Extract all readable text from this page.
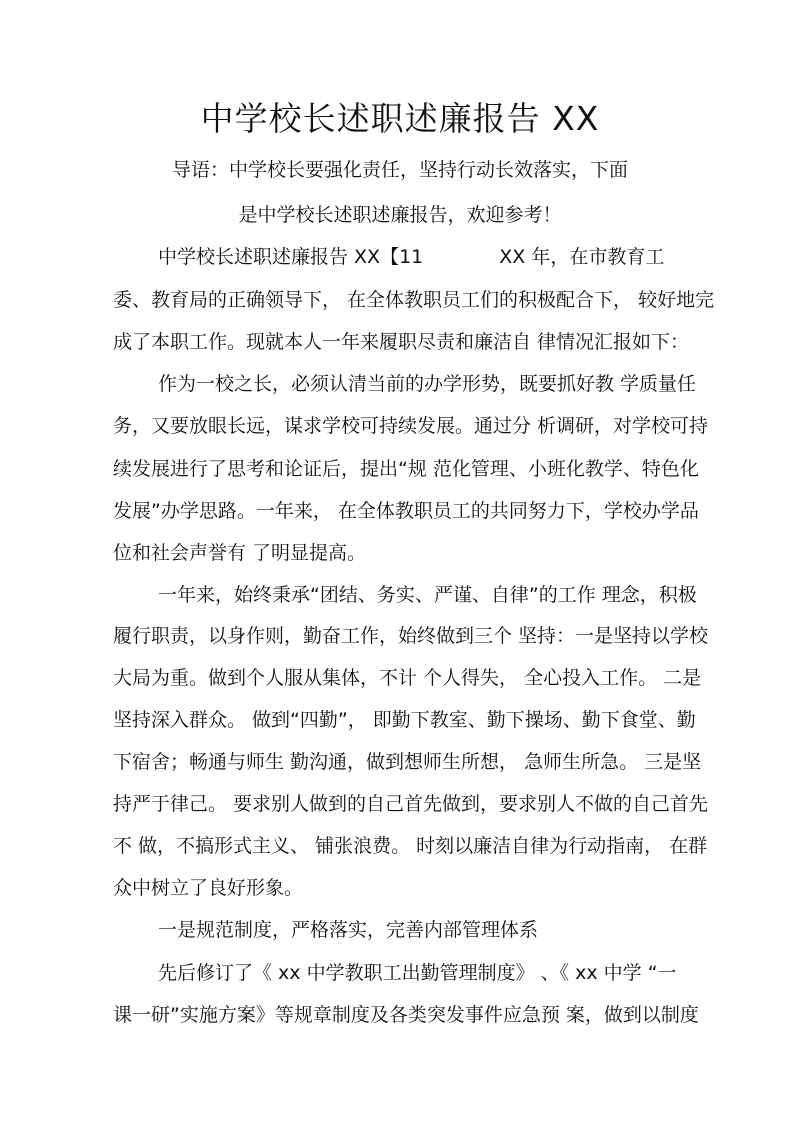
中学校长述职述廉报告 XX
导语：中学校长要强化责任，坚持行动长效落实，下面
是中学校长述职述廉报告，欢迎参考！
中学校长述职述廉报告 XX【11　　　　XX 年，在市教育工
委、教育局的正确领导下， 在全体教职员工们的积极配合下， 较好地完
成了本职工作。现就本人一年来履职尽责和廉洁自 律情况汇报如下：
作为一校之长，必须认清当前的办学形势，既要抓好教 学质量任
务，又要放眼长远，谋求学校可持续发展。通过分 析调研，对学校可持
续发展进行了思考和论证后，提出“规 范化管理、小班化教学、特色化
发展”办学思路。一年来， 在全体教职员工的共同努力下，学校办学品
位和社会声誉有 了明显提高。
一年来，始终秉承“团结、务实、严谨、自律”的工作 理念，积极
履行职责，以身作则，勤奋工作，始终做到三个 坚持：一是坚持以学校
大局为重。做到个人服从集体，不计 个人得失， 全心投入工作。 二是
坚持深入群众。 做到“四勤”， 即勤下教室、勤下操场、勤下食堂、勤
下宿舍；畅通与师生 勤沟通，做到想师生所想， 急师生所急。 三是坚
持严于律己。 要求别人做到的自己首先做到，要求别人不做的自己首先
不 做，不搞形式主义、 铺张浪费。 时刻以廉洁自律为行动指南， 在群
众中树立了良好形象。
一是规范制度，严格落实，完善内部管理体系
先后修订了《 xx 中学教职工出勤管理制度》 、《 xx 中学 “一
课一研”实施方案》等规章制度及各类突发事件应急预 案，做到以制度
